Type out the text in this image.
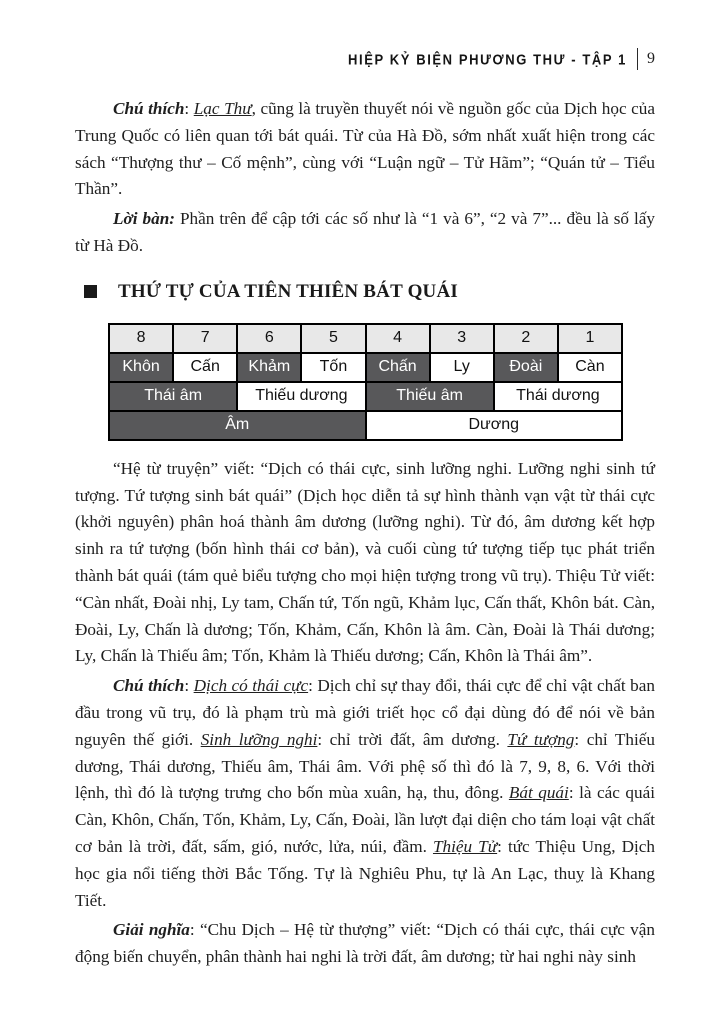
HIỆP KỶ BIỆN PHƯƠNG THƯ - TẬP 1 9

Chú thích: Lạc Thư, cũng là truyền thuyết nói về nguồn gốc của Dịch học của Trung Quốc có liên quan tới bát quái. Từ của Hà Đồ, sớm nhất xuất hiện trong các sách “Thượng thư – Cố mệnh”, cùng với “Luận ngữ – Tử Hãm”; “Quán tử – Tiểu Thần”.

Lời bàn: Phần trên để cập tới các số như là “1 và 6”, “2 và 7”... đều là số lấy từ Hà Đồ.

THỨ TỰ CỦA TIÊN THIÊN BÁT QUÁI
8	7	6	5	4	3	2	1
Khôn	Cấn	Khảm	Tốn	Chấn	Ly	Đoài	Càn
Thái âm		Thiếu dương		Thiếu âm		Thái dương	
Âm				Dương			

“Hệ từ truyện” viết: “Dịch có thái cực, sinh lưỡng nghi. Lưỡng nghi sinh tứ tượng. Tứ tượng sinh bát quái” (Dịch học diễn tả sự hình thành vạn vật từ thái cực (khởi nguyên) phân hoá thành âm dương (lưỡng nghi). Từ đó, âm dương kết hợp sinh ra tứ tượng (bốn hình thái cơ bản), và cuối cùng tứ tượng tiếp tục phát triển thành bát quái (tám quẻ biểu tượng cho mọi hiện tượng trong vũ trụ). Thiệu Tử viết: “Càn nhất, Đoài nhị, Ly tam, Chấn tứ, Tốn ngũ, Khảm lục, Cấn thất, Khôn bát. Càn, Đoài, Ly, Chấn là dương; Tốn, Khảm, Cấn, Khôn là âm. Càn, Đoài là Thái dương; Ly, Chấn là Thiếu âm; Tốn, Khảm là Thiếu dương; Cấn, Khôn là Thái âm”.

Chú thích: Dịch có thái cực: Dịch chỉ sự thay đổi, thái cực để chỉ vật chất ban đầu trong vũ trụ, đó là phạm trù mà giới triết học cổ đại dùng đó để nói về bản nguyên thế giới. Sinh lưỡng nghi: chỉ trời đất, âm dương. Tứ tượng: chỉ Thiếu dương, Thái dương, Thiếu âm, Thái âm. Với phệ số thì đó là 7, 9, 8, 6. Với thời lệnh, thì đó là tượng trưng cho bốn mùa xuân, hạ, thu, đông. Bát quái: là các quái Càn, Khôn, Chấn, Tốn, Khảm, Ly, Cấn, Đoài, lần lượt đại diện cho tám loại vật chất cơ bản là trời, đất, sấm, gió, nước, lửa, núi, đầm. Thiệu Tử: tức Thiệu Ung, Dịch học gia nổi tiếng thời Bắc Tống. Tự là Nghiêu Phu, tự là An Lạc, thuỵ là Khang Tiết.

Giải nghĩa: “Chu Dịch – Hệ từ thượng” viết: “Dịch có thái cực, thái cực vận động biến chuyển, phân thành hai nghi là trời đất, âm dương; từ hai nghi này sinh
